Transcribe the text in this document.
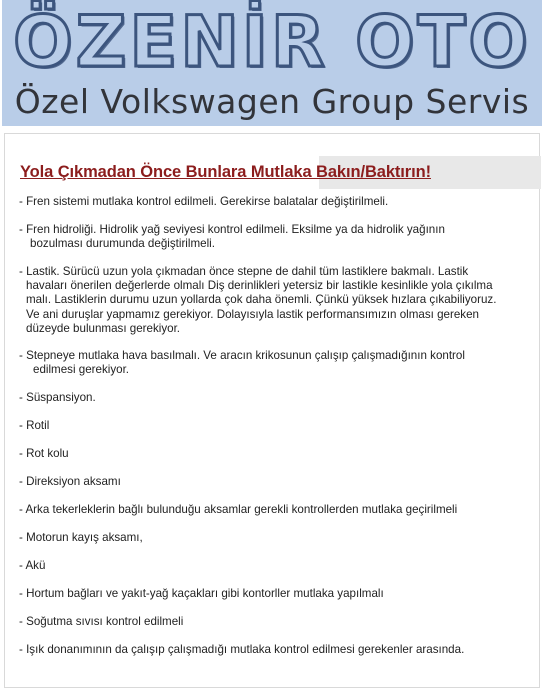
ÖZENİR OTO
Özel Volkswagen Group Servis
Yola Çıkmadan Önce Bunlara Mutlaka Bakın/Baktırın!
- Fren sistemi mutlaka kontrol edilmeli. Gerekirse balatalar değiştirilmeli.
- Fren hidroliği. Hidrolik yağ seviyesi kontrol edilmeli. Eksilme ya da hidrolik yağının
bozulması durumunda değiştirilmeli.
- Lastik. Sürücü uzun yola çıkmadan önce stepne de dahil tüm lastiklere bakmalı. Lastik
havaları önerilen değerlerde olmalı Diş derinlikleri yetersiz bir lastikle kesinlikle yola çıkılma
malı. Lastiklerin durumu uzun yollarda çok daha önemli. Çünkü yüksek hızlara çıkabiliyoruz.
Ve ani duruşlar yapmamız gerekiyor. Dolayısıyla lastik performansımızın olması gereken
düzeyde bulunması gerekiyor.
- Stepneye mutlaka hava basılmalı. Ve aracın krikosunun çalışıp çalışmadığının kontrol
edilmesi gerekiyor.
- Süspansiyon.
- Rotil
- Rot kolu
- Direksiyon aksamı
- Arka tekerleklerin bağlı bulunduğu aksamlar gerekli kontrollerden mutlaka geçirilmeli
- Motorun kayış aksamı,
- Akü
- Hortum bağları ve yakıt-yağ kaçakları gibi kontorller mutlaka yapılmalı
- Soğutma sıvısı kontrol edilmeli
- Işık donanımının da çalışıp çalışmadığı mutlaka kontrol edilmesi gerekenler arasında.
